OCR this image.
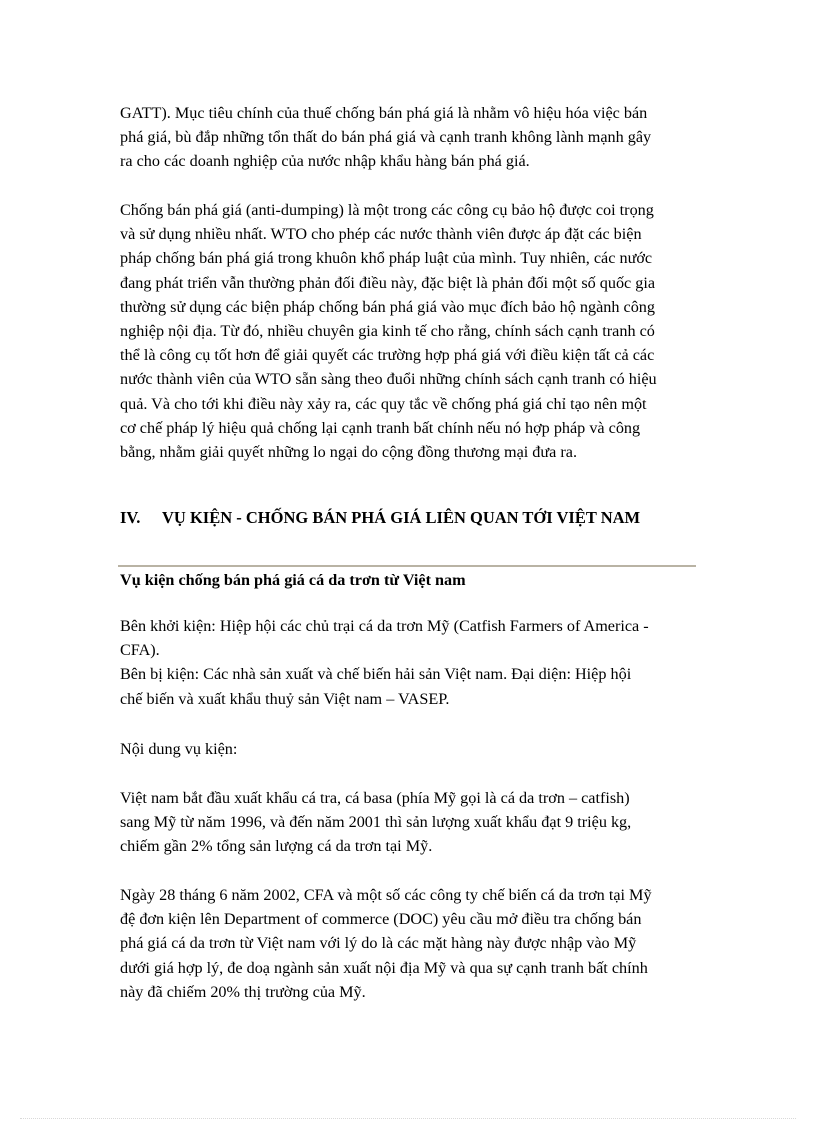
GATT). Mục tiêu chính của thuế chống bán phá giá là nhằm vô hiệu hóa việc bán
phá giá, bù đắp những tổn thất do bán phá giá và cạnh tranh không lành mạnh gây
ra cho các doanh nghiệp của nước nhập khẩu hàng bán phá giá.
Chống bán phá giá (anti-dumping) là một trong các công cụ bảo hộ được coi trọng
và sử dụng nhiều nhất. WTO cho phép các nước thành viên được áp đặt các biện
pháp chống bán phá giá trong khuôn khổ pháp luật của mình. Tuy nhiên, các nước
đang phát triển vẫn thường phản đối điều này, đặc biệt là phản đối một số quốc gia
thường sử dụng các biện pháp chống bán phá giá vào mục đích bảo hộ ngành công
nghiệp nội địa. Từ đó, nhiều chuyên gia kinh tế cho rằng, chính sách cạnh tranh có
thể là công cụ tốt hơn để giải quyết các trường hợp phá giá với điều kiện tất cả các
nước thành viên của WTO sẵn sàng theo đuổi những chính sách cạnh tranh có hiệu
quả. Và cho tới khi điều này xảy ra, các quy tắc về chống phá giá chỉ tạo nên một
cơ chế pháp lý hiệu quả chống lại cạnh tranh bất chính nếu nó hợp pháp và công
bằng, nhằm giải quyết những lo ngại do cộng đồng thương mại đưa ra.
IV. VỤ KIỆN - CHỐNG BÁN PHÁ GIÁ LIÊN QUAN TỚI VIỆT NAM
Vụ kiện chống bán phá giá cá da trơn từ Việt nam
Bên khởi kiện: Hiệp hội các chủ trại cá da trơn Mỹ (Catfish Farmers of America -
CFA).
Bên bị kiện: Các nhà sản xuất và chế biến hải sản Việt nam. Đại diện: Hiệp hội
chế biến và xuất khẩu thuỷ sản Việt nam – VASEP.
Nội dung vụ kiện:
Việt nam bắt đầu xuất khẩu cá tra, cá basa (phía Mỹ gọi là cá da trơn – catfish)
sang Mỹ từ năm 1996, và đến năm 2001 thì sản lượng xuất khẩu đạt 9 triệu kg,
chiếm gần 2% tổng sản lượng cá da trơn tại Mỹ.
Ngày 28 tháng 6 năm 2002, CFA và một số các công ty chế biến cá da trơn tại Mỹ
đệ đơn kiện lên Department of commerce (DOC) yêu cầu mở điều tra chống bán
phá giá cá da trơn từ Việt nam với lý do là các mặt hàng này được nhập vào Mỹ
dưới giá hợp lý, đe doạ ngành sản xuất nội địa Mỹ và qua sự cạnh tranh bất chính
này đã chiếm 20% thị trường của Mỹ.
